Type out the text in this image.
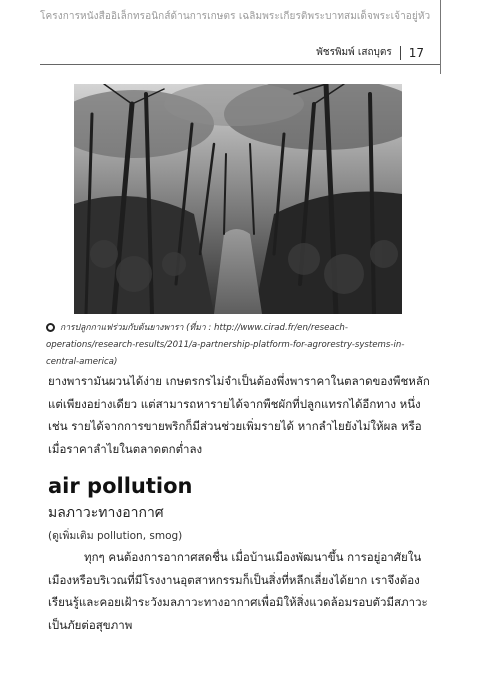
โครงการหนังสืออิเล็กทรอนิกส์ด้านการเกษตร เฉลิมพระเกียรติพระบาทสมเด็จพระเจ้าอยู่หัว
พัชรพิมพ์ เสถบุตร 17
การปลูกกาแฟร่วมกับต้นยางพารา (ที่มา : http://www.cirad.fr/en/reseach-operations/research-results/2011/a-partnership-platform-for-agrorestry-systems-in-central-america)
ยางพารามันผวนได้ง่าย เกษตรกรไม่จำเป็นต้องพึ่งพาราคาในตลาดของพืชหลักแต่เพียงอย่างเดียว แต่สามารถหารายได้จากพืชผักที่ปลูกแทรกได้อีกทาง หนึ่ง เช่น รายได้จากการขายพริกก็มีส่วนช่วยเพิ่มรายได้ หากลำไยยังไม่ให้ผล หรือเมื่อราคาลำไยในตลาดตกต่ำลง
air pollution
มลภาวะทางอากาศ
(ดูเพิ่มเติม pollution, smog)
ทุกๆ คนต้องการอากาศสดชื่น เมื่อบ้านเมืองพัฒนาขึ้น การอยู่อาศัยในเมืองหรือบริเวณที่มีโรงงานอุตสาหกรรมก็เป็นสิ่งที่หลีกเลี่ยงได้ยาก เราจึงต้องเรียนรู้และคอยเฝ้าระวังมลภาวะทางอากาศเพื่อมิให้สิ่งแวดล้อมรอบตัวมีสภาวะเป็นภัยต่อสุขภาพ
